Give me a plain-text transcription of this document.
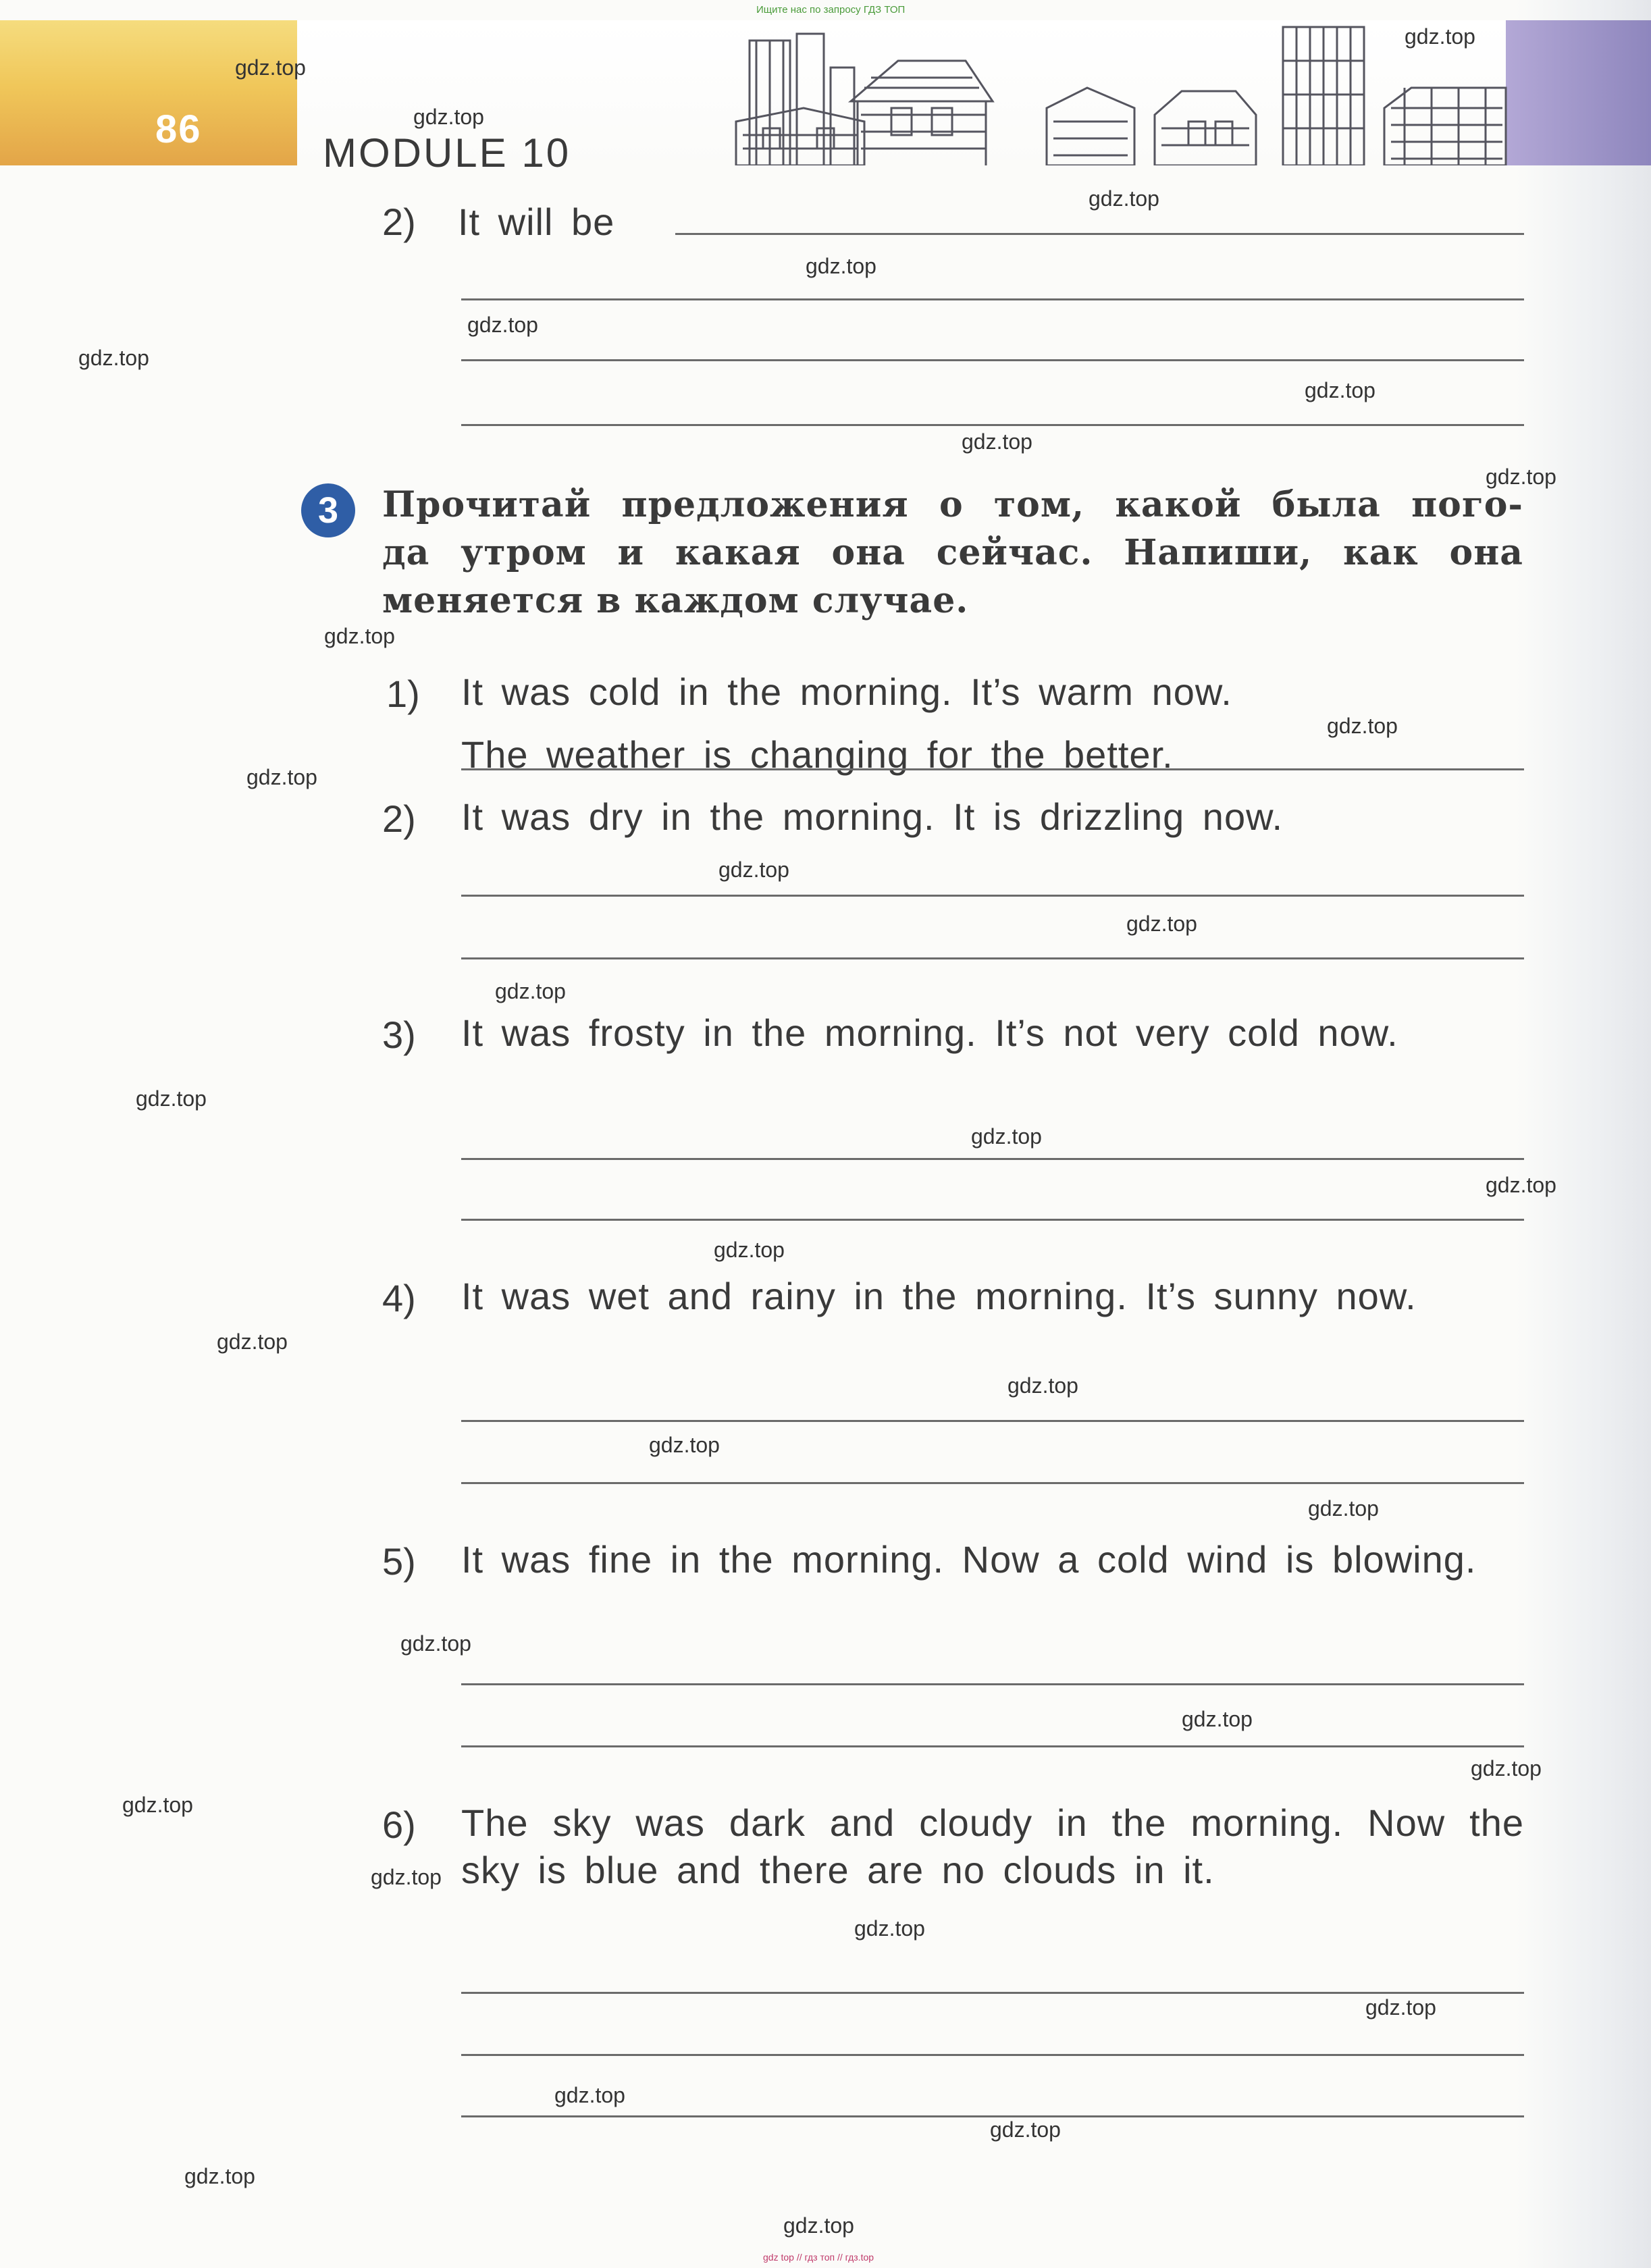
Ищите нас по запросу ГДЗ ТОП
86
MODULE 10
2) It will be
3	Прочитай предложения о том, какой была пого-
да утром и какая она сейчас. Напиши, как она
меняется в каждом случае.
1) It was cold in the morning. It’s warm now.
The weather is changing for the better.
2) It was dry in the morning. It is drizzling now.
3) It was frosty in the morning. It’s not very cold now.
4) It was wet and rainy in the morning. It’s sunny now.
5) It was fine in the morning. Now a cold wind is blowing.
6) The sky was dark and cloudy in the morning. Now the sky is blue and there are no clouds in it.
gdz.top
gdz.top
gdz.top
gdz.top
gdz.top
gdz.top
gdz.top
gdz.top
gdz.top
gdz.top
gdz.top
gdz.top
gdz.top
gdz.top
gdz.top
gdz.top
gdz.top
gdz.top
gdz.top
gdz.top
gdz.top
gdz.top
gdz.top
gdz.top
gdz.top
gdz.top
gdz.top
gdz.top
gdz.top
gdz.top
gdz.top
gdz.top
gdz.top
gdz.top
gdz.top
gdz top // гдз топ // гдз.top
